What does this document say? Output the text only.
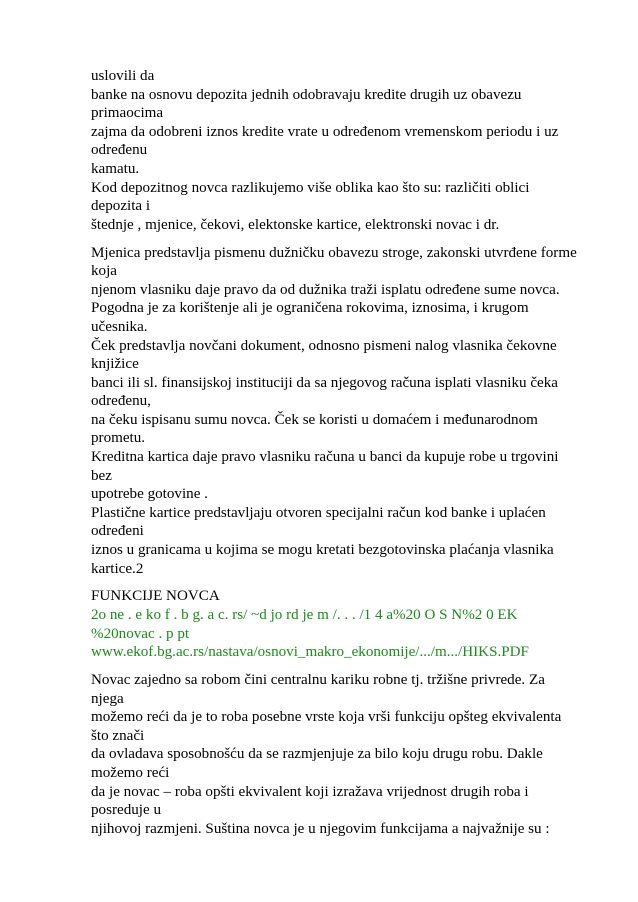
uslovili da
banke na osnovu depozita jednih odobravaju kredite drugih uz obavezu
primaocima
zajma da odobreni iznos kredite vrate u određenom vremenskom periodu i uz
određenu
kamatu.
Kod depozitnog novca razlikujemo više oblika kao što su: različiti oblici
depozita i
štednje , mjenice, čekovi, elektonske kartice, elektronski novac i dr.
Mjenica predstavlja pismenu dužničku obavezu stroge, zakonski utvrđene forme
koja
njenom vlasniku daje pravo da od dužnika traži isplatu određene sume novca.
Pogodna je za korištenje ali je ograničena rokovima, iznosima, i krugom
učesnika.
Ček predstavlja novčani dokument, odnosno pismeni nalog vlasnika čekovne
knjižice
banci ili sl. finansijskoj instituciji da sa njegovog računa isplati vlasniku čeka
određenu,
na čeku ispisanu sumu novca. Ček se koristi u domaćem i međunarodnom
prometu.
Kreditna kartica daje pravo vlasniku računa u banci da kupuje robe u trgovini
bez
upotrebe gotovine .
Plastične kartice predstavljaju otvoren specijalni račun kod banke i uplaćen
određeni
iznos u granicama u kojima se mogu kretati bezgotovinska plaćanja vlasnika
kartice.2
FUNKCIJE NOVCA
2o ne . e ko f . b g. a c. rs/ ~d jo rd je m /. . . /1 4 a%20 O S N%2 0 EK
%20novac . p pt
www.ekof.bg.ac.rs/nastava/osnovi_makro_ekonomije/.../m.../HIKS.PDF
Novac zajedno sa robom čini centralnu kariku robne tj. tržišne privrede. Za
njega
možemo reći da je to roba posebne vrste koja vrši funkciju opšteg ekvivalenta
što znači
da ovladava sposobnošću da se razmjenjuje za bilo koju drugu robu. Dakle
možemo reći
da je novac – roba opšti ekvivalent koji izražava vrijednost drugih roba i
posreduje u
njihovoj razmjeni. Suština novca je u njegovim funkcijama a najvažnije su :
